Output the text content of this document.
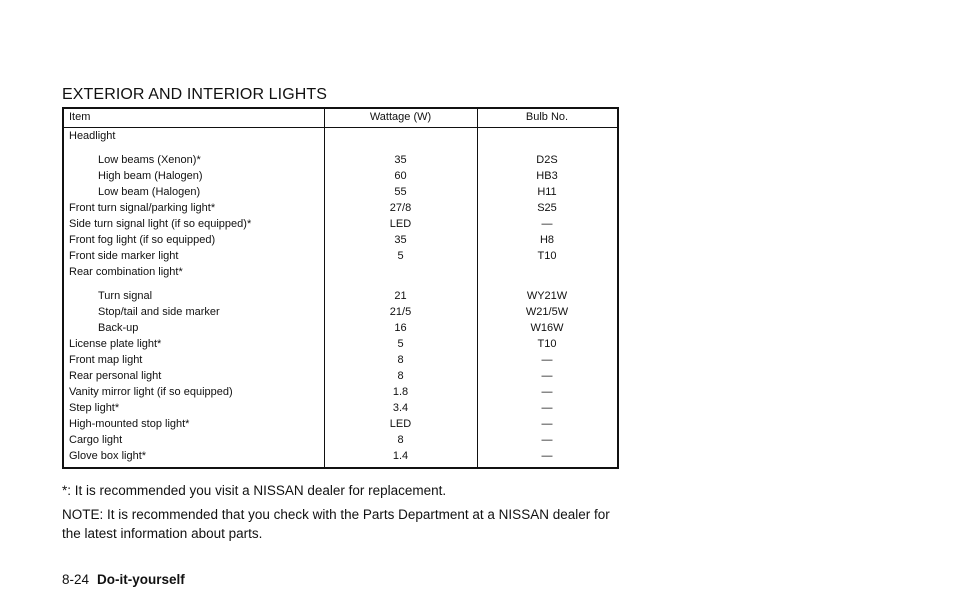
EXTERIOR AND INTERIOR LIGHTS
Item	Wattage (W)	Bulb No.
Headlight
Low beams (Xenon)*	35	D2S
High beam (Halogen)	60	HB3
Low beam (Halogen)	55	H11
Front turn signal/parking light*	27/8	S25
Side turn signal light (if so equipped)*	LED	—
Front fog light (if so equipped)	35	H8
Front side marker light	5	T10
Rear combination light*
Turn signal	21	WY21W
Stop/tail and side marker	21/5	W21/5W
Back-up	16	W16W
License plate light*	5	T10
Front map light	8	—
Rear personal light	8	—
Vanity mirror light (if so equipped)	1.8	—
Step light*	3.4	—
High-mounted stop light*	LED	—
Cargo light	8	—
Glove box light*	1.4	—
*: It is recommended you visit a NISSAN dealer for replacement.
NOTE: It is recommended that you check with the Parts Department at a NISSAN dealer for the latest information about parts.
8-24 Do-it-yourself
